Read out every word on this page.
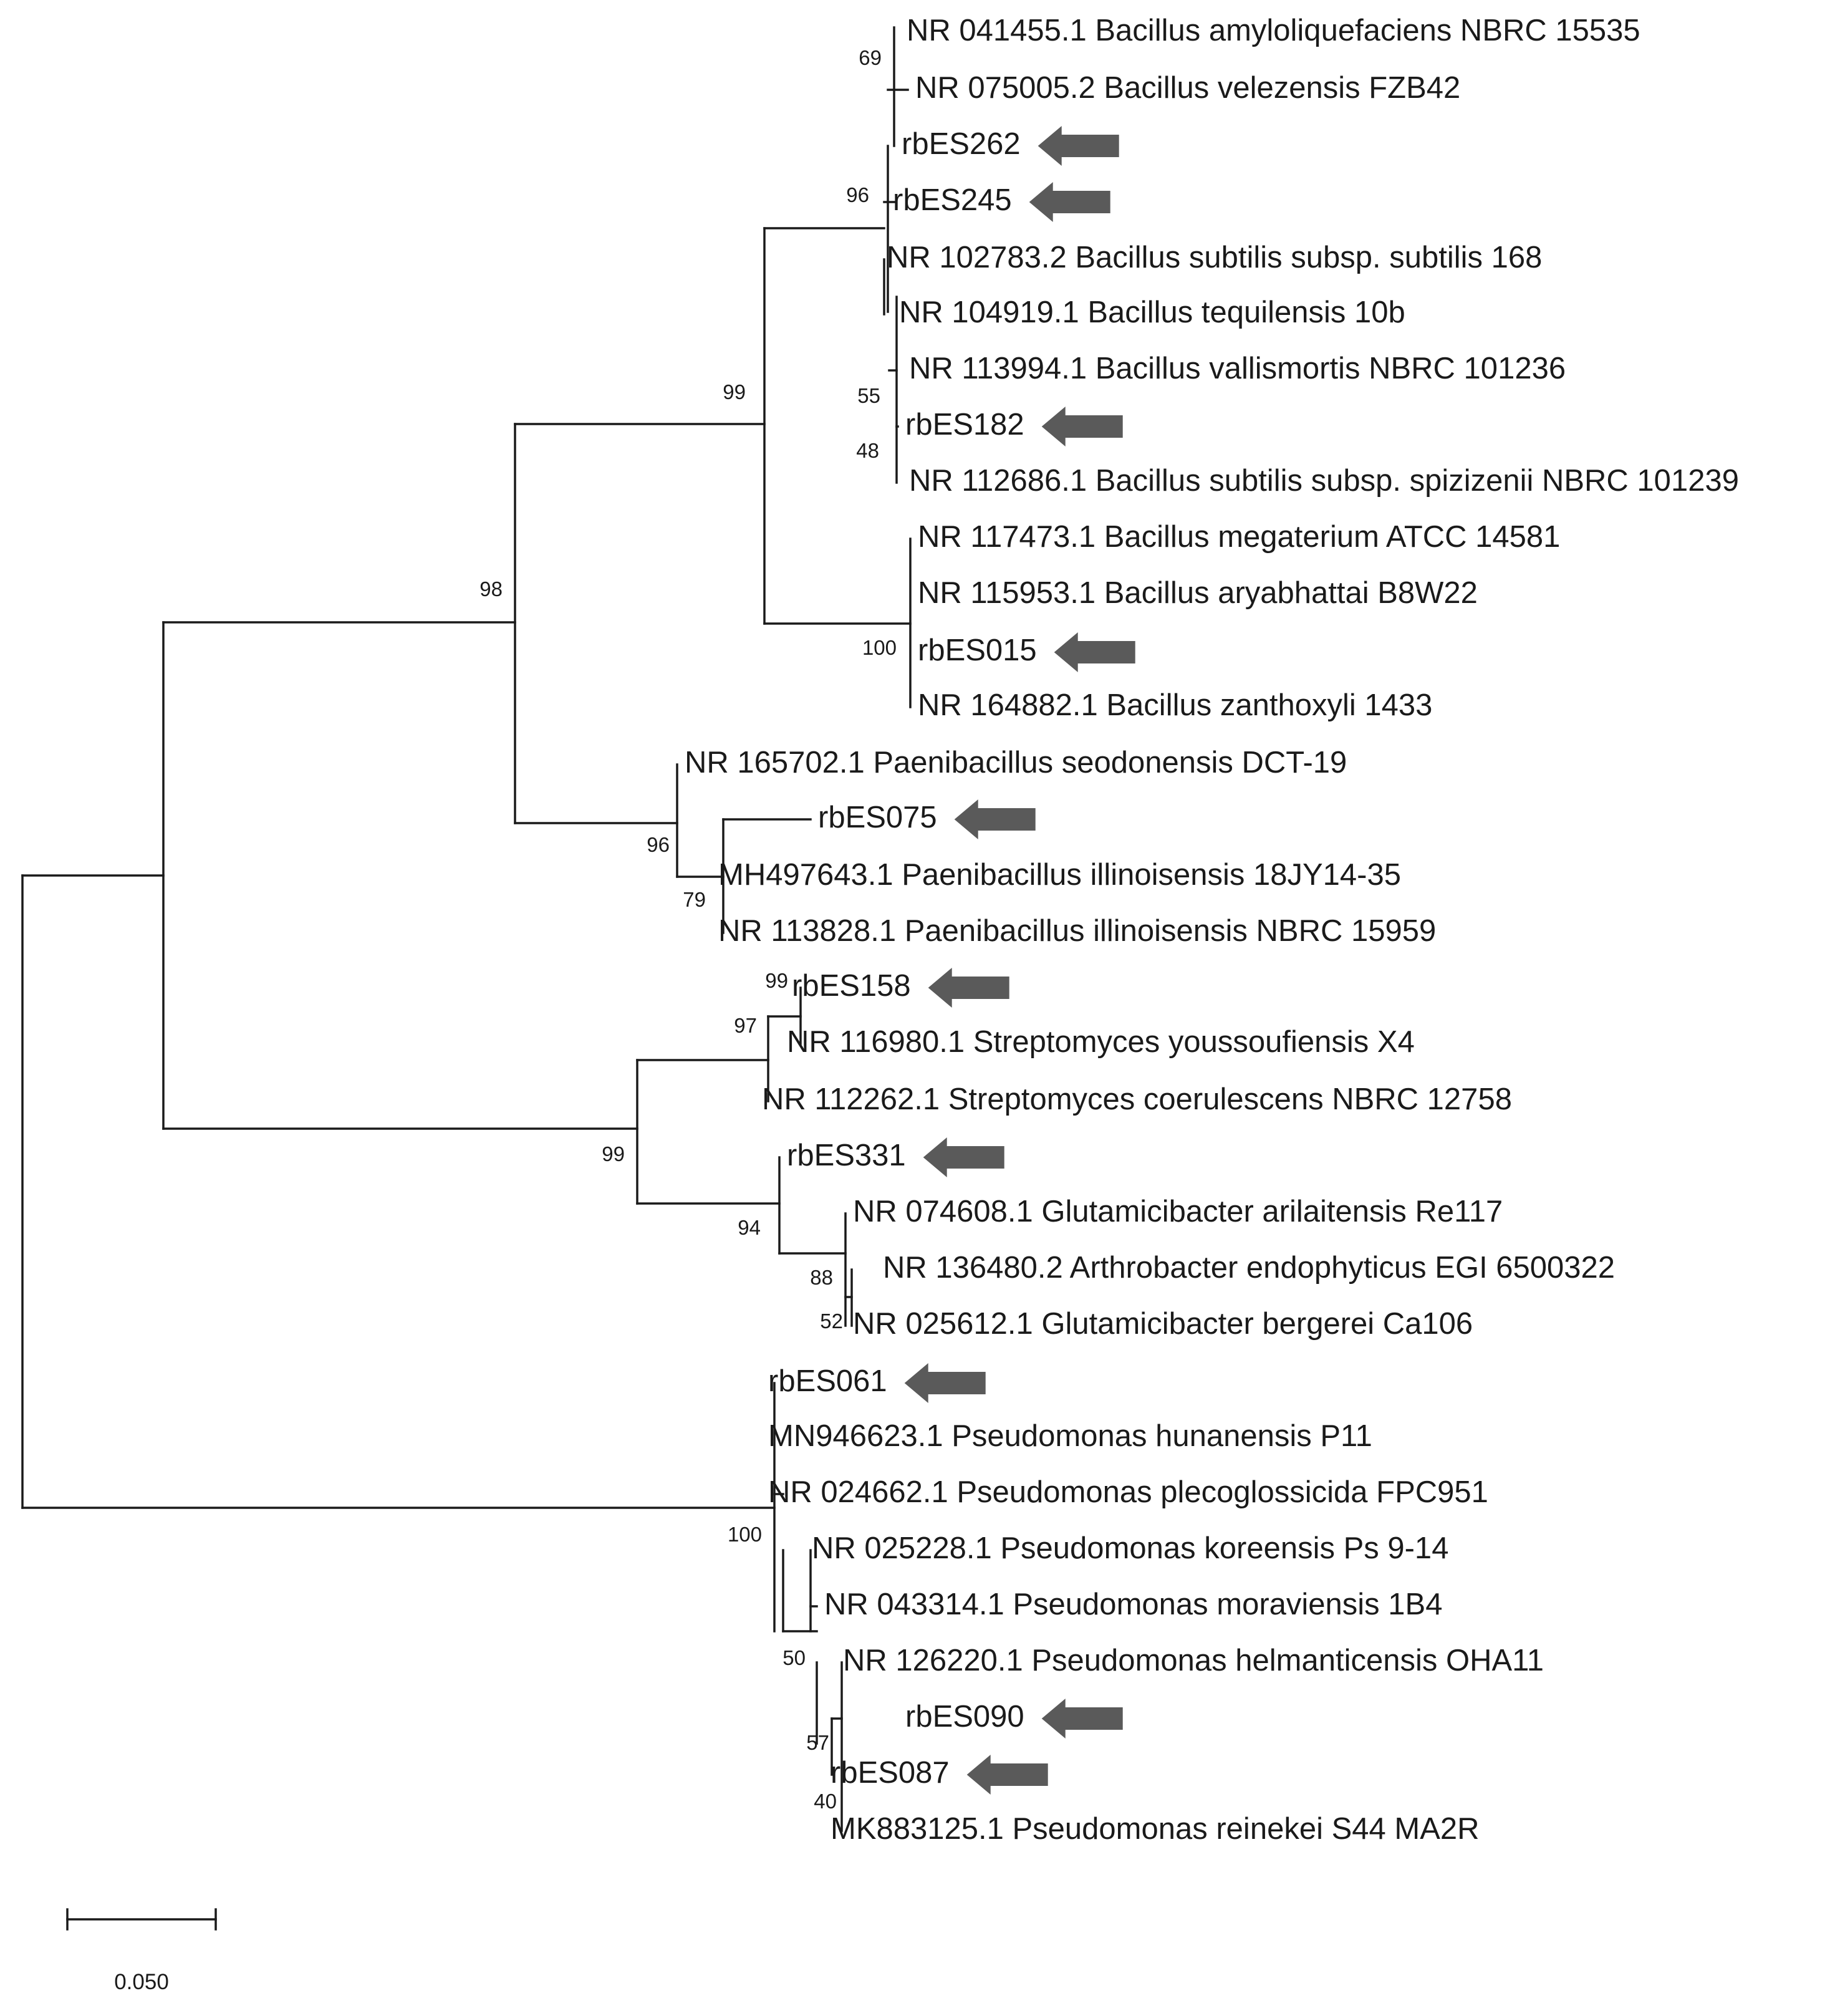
NR 041455.1 Bacillus amyloliquefaciens NBRC 15535
NR 075005.2 Bacillus velezensis FZB42
rbES262
rbES245
NR 102783.2 Bacillus subtilis subsp. subtilis 168
NR 104919.1 Bacillus tequilensis 10b
NR 113994.1 Bacillus vallismortis NBRC 101236
rbES182
NR 112686.1 Bacillus subtilis subsp. spizizenii NBRC 101239
NR 117473.1 Bacillus megaterium ATCC 14581
NR 115953.1 Bacillus aryabhattai B8W22
rbES015
NR 164882.1 Bacillus zanthoxyli 1433
NR 165702.1 Paenibacillus seodonensis DCT-19
rbES075
MH497643.1 Paenibacillus illinoisensis 18JY14-35
NR 113828.1 Paenibacillus illinoisensis NBRC 15959
rbES158
NR 116980.1 Streptomyces youssoufiensis X4
NR 112262.1 Streptomyces coerulescens NBRC 12758
rbES331
NR 074608.1 Glutamicibacter arilaitensis Re117
NR 136480.2 Arthrobacter endophyticus EGI 6500322
NR 025612.1 Glutamicibacter bergerei Ca106
rbES061
MN946623.1 Pseudomonas hunanensis P11
NR 024662.1 Pseudomonas plecoglossicida FPC951
NR 025228.1 Pseudomonas koreensis Ps 9-14
NR 043314.1 Pseudomonas moraviensis 1B4
NR 126220.1 Pseudomonas helmanticensis OHA11
rbES090
rbES087
MK883125.1 Pseudomonas reinekei S44 MA2R
69
96
55
48
99
100
98
96
79
99
97
99
94
88
52
100
50
57
40
0.050
